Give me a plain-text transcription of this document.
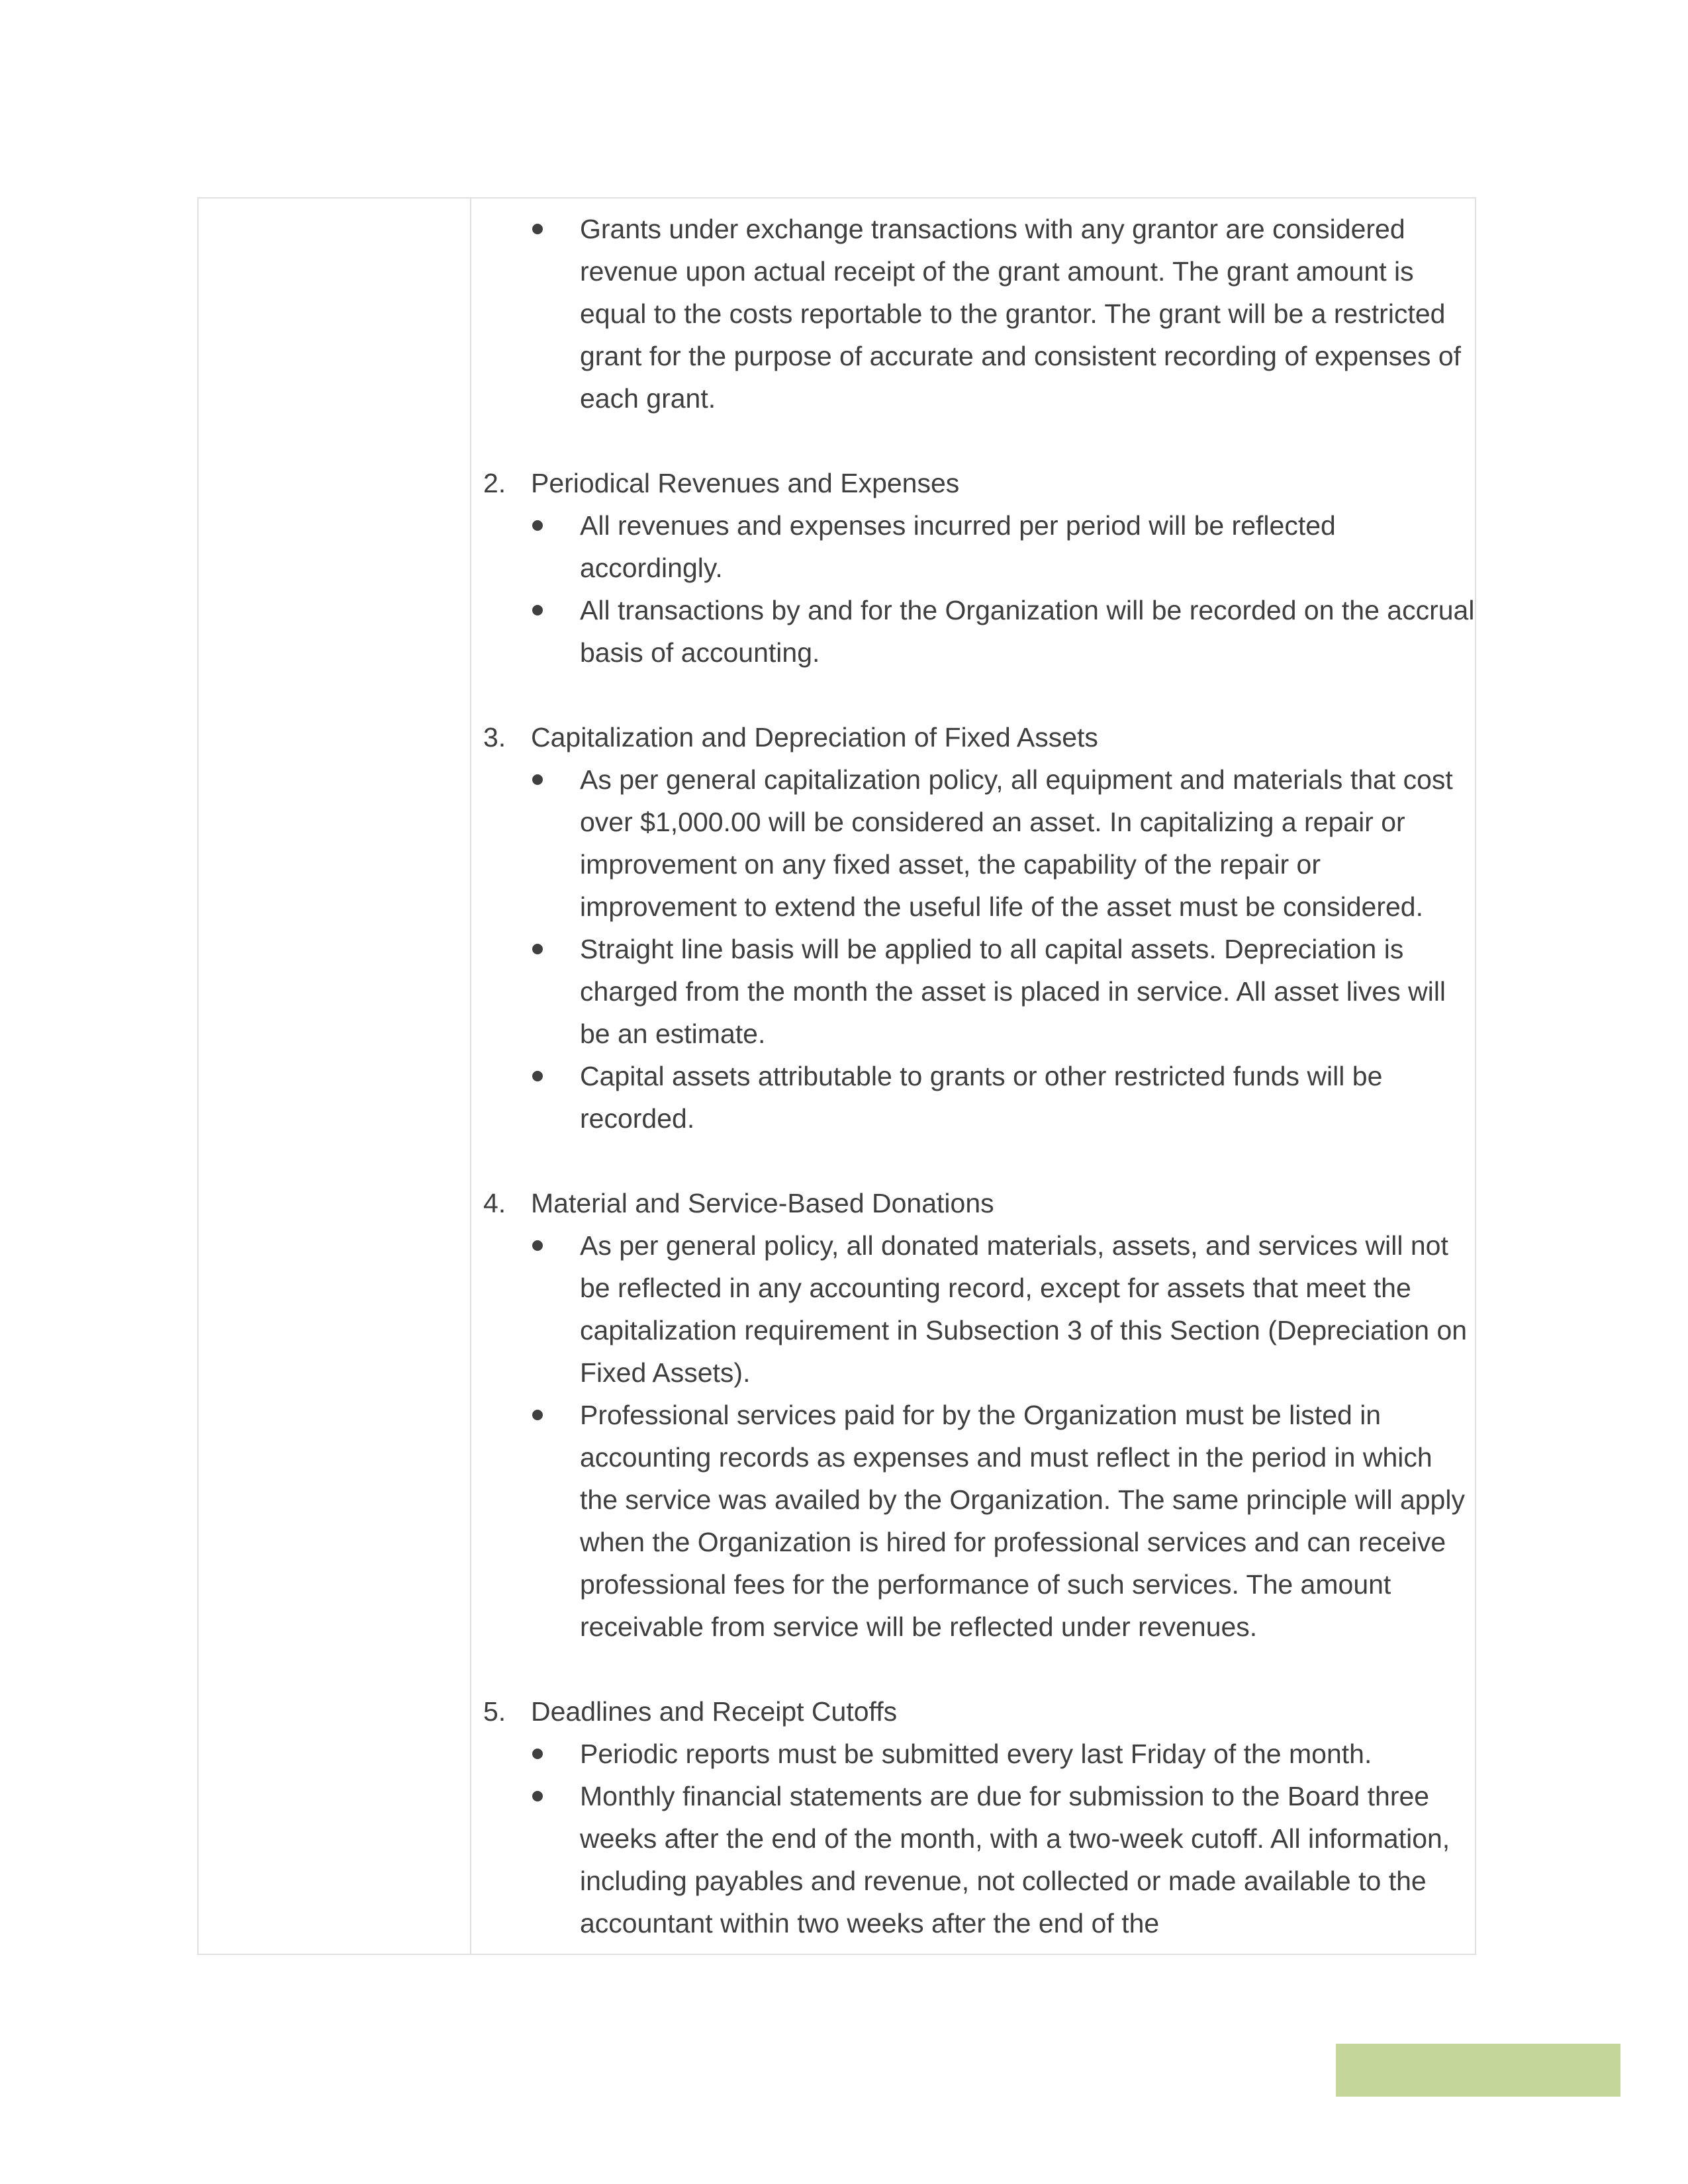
Grants under exchange transactions with any grantor are considered revenue upon actual receipt of the grant amount. The grant amount is equal to the costs reportable to the grantor. The grant will be a restricted grant for the purpose of accurate and consistent recording of expenses of each grant.
2. Periodical Revenues and Expenses
All revenues and expenses incurred per period will be reflected accordingly.
All transactions by and for the Organization will be recorded on the accrual basis of accounting.
3. Capitalization and Depreciation of Fixed Assets
As per general capitalization policy, all equipment and materials that cost over $1,000.00 will be considered an asset. In capitalizing a repair or improvement on any fixed asset, the capability of the repair or improvement to extend the useful life of the asset must be considered.
Straight line basis will be applied to all capital assets. Depreciation is charged from the month the asset is placed in service. All asset lives will be an estimate.
Capital assets attributable to grants or other restricted funds will be recorded.
4. Material and Service-Based Donations
As per general policy, all donated materials, assets, and services will not be reflected in any accounting record, except for assets that meet the capitalization requirement in Subsection 3 of this Section (Depreciation on Fixed Assets).
Professional services paid for by the Organization must be listed in accounting records as expenses and must reflect in the period in which the service was availed by the Organization. The same principle will apply when the Organization is hired for professional services and can receive professional fees for the performance of such services. The amount receivable from service will be reflected under revenues.
5. Deadlines and Receipt Cutoffs
Periodic reports must be submitted every last Friday of the month.
Monthly financial statements are due for submission to the Board three weeks after the end of the month, with a two-week cutoff. All information, including payables and revenue, not collected or made available to the accountant within two weeks after the end of the
